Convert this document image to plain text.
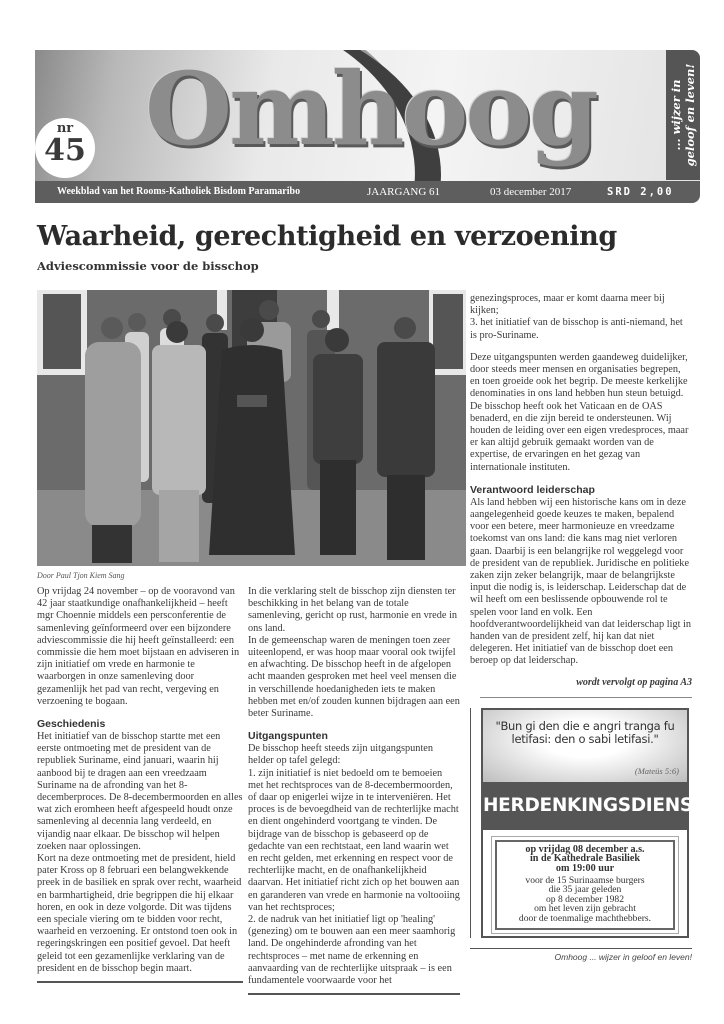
Omhoog
nr
45	... wijzer in geloof en leven!
Weekblad van het Rooms-Katholiek Bisdom Paramaribo	JAARGANG 61	03 december 2017	SRD 2,00
Waarheid, gerechtigheid en verzoening
Adviescommissie voor de bisschop
Door Paul Tjon Kiem Sang

Op vrijdag 24 november – op de vooravond van 42 jaar staatkundige onafhankelijkheid – heeft mgr Choennie middels een persconferentie de samenleving geïnformeerd over een bijzondere adviescommissie die hij heeft geïnstalleerd: een commissie die hem moet bijstaan en adviseren in zijn initiatief om vrede en harmonie te waarborgen in onze samenleving door gezamenlijk het pad van recht, vergeving en verzoening te bogaan.

Geschiedenis

Het initiatief van de bisschop startte met een eerste ontmoeting met de president van de republiek Suriname, eind januari, waarin hij aanbood bij te dragen aan een vreedzaam Suriname na de afronding van het 8-decemberproces. De 8-decembermoorden en alles wat zich eromheen heeft afgespeeld houdt onze samenleving al decennia lang verdeeld, en vijandig naar elkaar. De bisschop wil helpen zoeken naar oplossingen.

Kort na deze ontmoeting met de president, hield pater Kross op 8 februari een belangwekkende preek in de basiliek en sprak over recht, waarheid en barmhartigheid, drie begrippen die hij elkaar horen, en ook in deze volgorde. Dit was tijdens een speciale viering om te bidden voor recht, waarheid en verzoening. Er ontstond toen ook in regeringskringen een positief gevoel. Dat heeft geleid tot een gezamenlijke verklaring van de president en de bisschop begin maart.

In die verklaring stelt de bisschop zijn diensten ter beschikking in het belang van de totale samenleving, gericht op rust, harmonie en vrede in ons land.

In de gemeenschap waren de meningen toen zeer uiteenlopend, er was hoop maar vooral ook twijfel en afwachting. De bisschop heeft in de afgelopen acht maanden gesproken met heel veel mensen die in verschillende hoedanigheden iets te maken hebben met en/of zouden kunnen bijdragen aan een beter Suriname.

Uitgangspunten

De bisschop heeft steeds zijn uitgangspunten helder op tafel gelegd:

1. zijn initiatief is niet bedoeld om te bemoeien met het rechtsproces van de 8-decembermoorden, of daar op enigerlei wijze in te interveniëren. Het proces is de bevoegdheid van de rechterlijke macht en dient ongehinderd voortgang te vinden. De bijdrage van de bisschop is gebaseerd op de gedachte van een rechtstaat, een land waarin wet en recht gelden, met erkenning en respect voor de rechterlijke macht, en de onafhankelijkheid daarvan. Het initiatief richt zich op het bouwen aan en garanderen van vrede en harmonie na voltooiing van het rechtsproces;

2. de nadruk van het initiatief ligt op 'healing' (genezing) om te bouwen aan een meer saamhorig land. De ongehinderde afronding van het rechtsproces – met name de erkenning en aanvaarding van de rechterlijke uitspraak – is een fundamentele voorwaarde voor het

genezingsproces, maar er komt daarna meer bij kijken;

3. het initiatief van de bisschop is anti-niemand, het is pro-Suriname.

Deze uitgangspunten werden gaandeweg duidelijker, door steeds meer mensen en organisaties begrepen, en toen groeide ook het begrip. De meeste kerkelijke denominaties in ons land hebben hun steun betuigd. De bisschop heeft ook het Vaticaan en de OAS benaderd, en die zijn bereid te ondersteunen. Wij houden de leiding over een eigen vredesproces, maar er kan altijd gebruik gemaakt worden van de expertise, de ervaringen en het gezag van internationale instituten.

Verantwoord leiderschap

Als land hebben wij een historische kans om in deze aangelegenheid goede keuzes te maken, bepalend voor een betere, meer harmonieuze en vreedzame toekomst van ons land: die kans mag niet verloren gaan. Daarbij is een belangrijke rol weggelegd voor de president van de republiek. Juridische en politieke zaken zijn zeker belangrijk, maar de belangrijkste input die nodig is, is leiderschap. Leiderschap dat de wil heeft om een beslissende opbouwende rol te spelen voor land en volk. Een hoofdverantwoordelijkheid van dat leiderschap ligt in handen van de president zelf, hij kan dat niet delegeren. Het initiatief van de bisschop doet een beroep op dat leiderschap.

wordt vervolgt op pagina A3
"Bun gi den die e angri tranga fu letifasi: den o sabi letifasi."
(Mateüs 5:6)
HERDENKINGSDIENST
op vrijdag 08 december a.s.
in de Kathedrale Basiliek
om 19:00 uur
voor de 15 Surinaamse burgers
die 35 jaar geleden
op 8 december 1982
om het leven zijn gebracht
door de toenmalige machthebbers.
Omhoog ... wijzer in geloof en leven!
